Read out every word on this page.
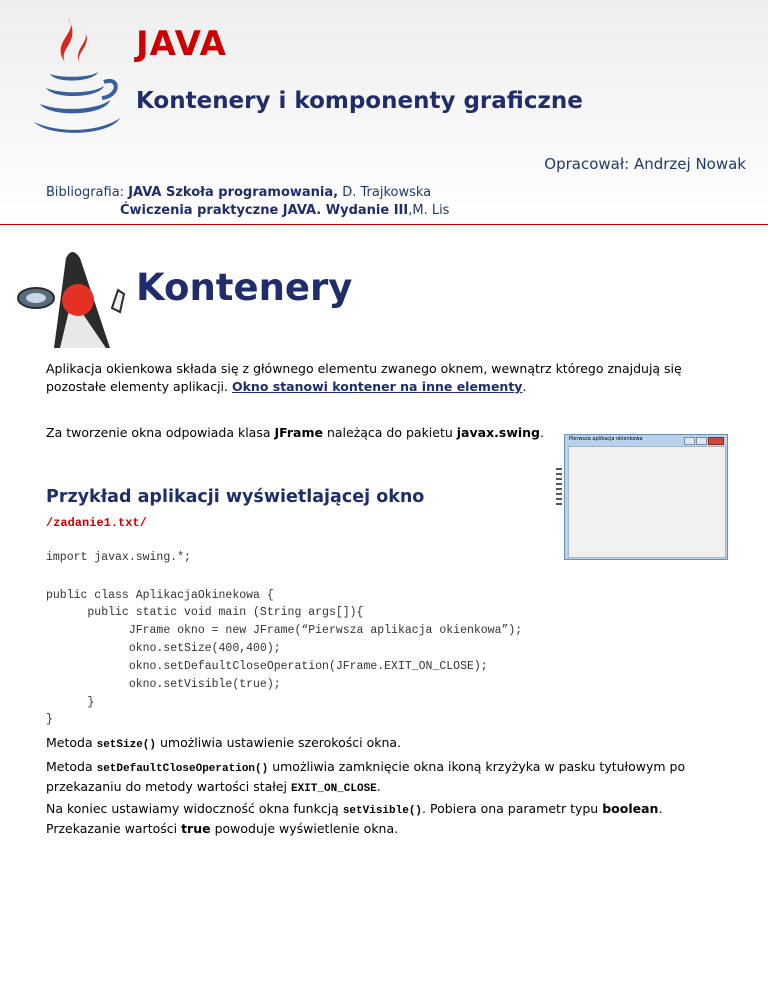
JAVA
Kontenery i komponenty graficzne
Opracował: Andrzej Nowak
Bibliografia: JAVA Szkoła programowania, D. Trajkowska
Ćwiczenia praktyczne JAVA. Wydanie III,M. Lis
Kontenery
Aplikacja okienkowa składa się z głównego elementu zwanego oknem, wewnątrz którego znajdują się pozostałe elementy aplikacji. Okno stanowi kontener na inne elementy.
Za tworzenie okna odpowiada klasa JFrame należąca do pakietu javax.swing.	Pierwsza aplikacja okienkowa
Przykład aplikacji wyświetlającej okno
/zadanie1.txt/
import javax.swing.*;
public class AplikacjaOkinekowa {
public static void main (String args[]){
JFrame okno = new JFrame(“Pierwsza aplikacja okienkowa”);
okno.setSize(400,400);
okno.setDefaultCloseOperation(JFrame.EXIT_ON_CLOSE);
okno.setVisible(true);
}
}
Metoda setSize() umożliwia ustawienie szerokości okna.
Metoda setDefaultCloseOperation() umożliwia zamknięcie okna ikoną krzyżyka w pasku tytułowym po przekazaniu do metody wartości stałej EXIT_ON_CLOSE.
Na koniec ustawiamy widoczność okna funkcją setVisible(). Pobiera ona parametr typu boolean. Przekazanie wartości true powoduje wyświetlenie okna.
